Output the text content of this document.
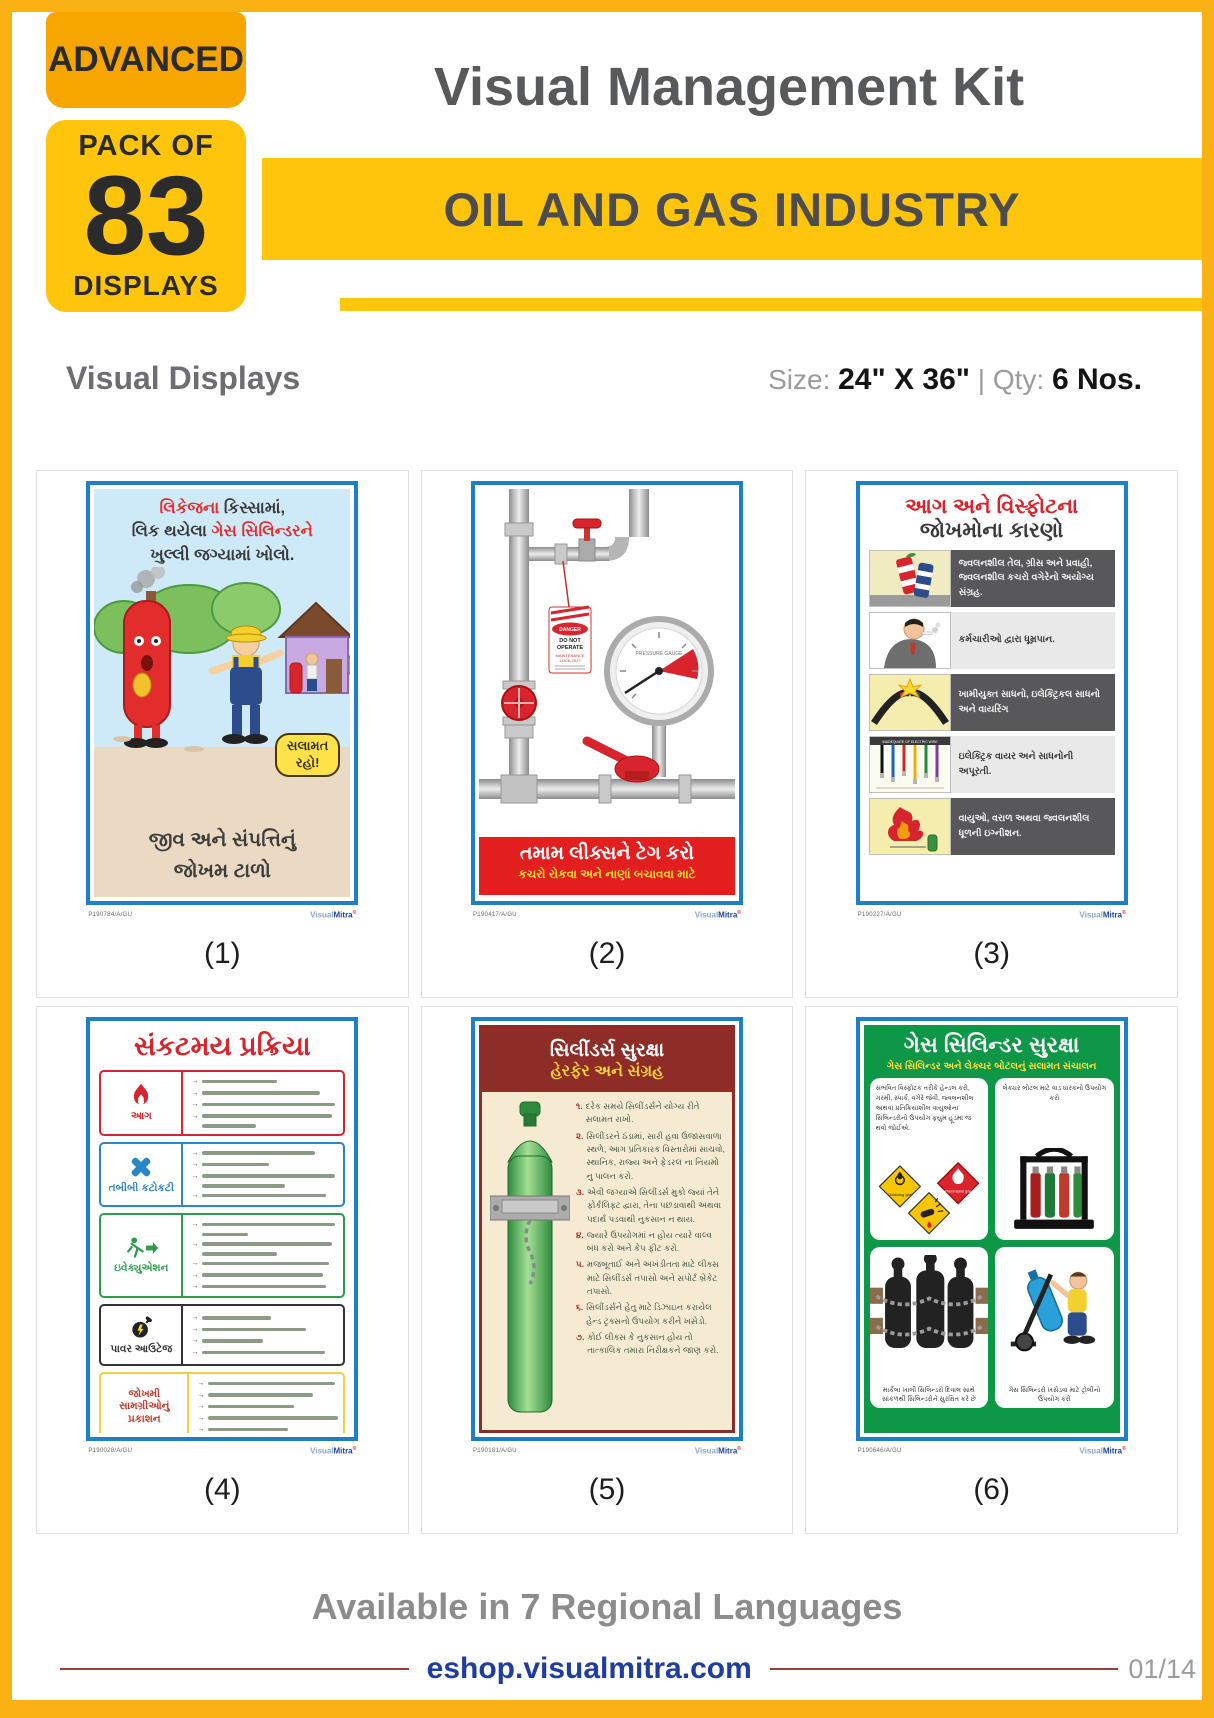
ADVANCED
PACK OF
83
DISPLAYS
Visual Management Kit
OIL AND GAS INDUSTRY
Visual Displays	Size: 24" X 36" | Qty: 6 Nos.
લિકેજના કિસ્સામાં,
લિક થયેલા ગેસ સિલિન્ડરને
ખુલ્લી જગ્યામાં ખોલો.
સલામત
રહો!
જીવ અને સંપત્તિનું
જોખમ ટાળો
P190784/A/GU	VisualMitra®
(1)
DANGER
DO NOT
OPERATE
MAINTENANCE
LOCK-OUT
PRESSURE GAUGE
તમામ લીક્સને ટેગ કરો
કચરો રોકવા અને નાણાં બચાવવા માટે
P190417/A/GU	VisualMitra®
(2)
આગ અને વિસ્ફોટના
જોખમોના કારણો
જ્વલનશીલ તેલ, ગ્રીસ અને પ્રવાહી, જ્વલનશીલ કચરો વગેરેનો અયોગ્ય સંગ્રહ.
કર્મચારીઓ દ્વારા ધૂમ્રપાન.
ખામીયુક્ત સાધનો, ઇલેક્ટ્રિકલ સાધનો અને વાયરિંગ
INADEQUATE OF ELECTRIC WIRE
ઇલેક્ટ્રિક વાયર અને સાધનોની અપૂરતી.
વાયુઓ, વરાળ અથવા જ્વલનશીલ ધૂળની ઇગ્નીશન.
P190227/A/GU	VisualMitra®
(3)
સંકટમય પ્રક્રિયા
આગ
→
→
→
→
તબીબી કટોકટી
→
→
→
→
ઇવેક્યુએશન
→
→
→
→
→
પાવર આઉટેજ
→
→
→
→
જોખમી સામગ્રીઓનું પ્રકાશન
→
→
→
→
→
P190028/A/GU	VisualMitra®
(4)
સિલીંડર્સ સુરક્ષા
હેરફેર અને સંગ્રહ
૧. દરેક સમયે સિલીંડર્સને યોગ્ય રીતે સલામત રાખો.
૨. સિલીંડરને ઠંડામાં, સારી હવા ઉજાસવાળા સ્થળે, આગ પ્રતિકારક વિસ્તારોમાં સાચવો, સ્થાનિક, રાજ્ય અને ફેડરલ ના નિયમો નુ પાલન કરો.
૩. એવી જગ્યાએ સિલીંડર્સ મુકો જ્યાં તેને ફોર્કલિફ્ટ દ્વારા, તેના પછડાવાથી અથવા પદાર્થ પડવાથી નુકસાન ન થાય.
૪. જ્યારે ઉપયોગમાં ન હોય ત્યારે વાલ્વ બંધ કરો અને કેપ ફીટ કરો.
૫. મજબૂતાઈ અને અખંડીતતા માટે લીક્સ માટે સિલીંડર્સ તપાસો અને સપોર્ટ બ્રેકેટ તપાસો.
૬. સિલીંડર્સને હેતુ માટે ડિઝાઇન કરાયેલ હેન્ડ ટ્રક્સનો ઉપયોગ કરીને ખસેડો.
૭. કોઈ લીક્સ કે નુકસાન હોય તો તાત્કાલિક તમારા નિરીક્ષકને જાણ કરો.
P190181/A/GU	VisualMitra®
(5)
ગેસ સિલિન્ડર સુરક્ષા
ગેસ સિલિન્ડર અને લેક્ચર બોટલનું સલામત સંચાલન
સંભવિત વિસ્ફોટક તરીકે હેન્ડલ કરો, ગરમી, સ્પાર્ક, વગેરે જેવી, જ્વલનશીલ અથવા પ્રતિક્રિયાશીલ વાયુઓના સિલિન્ડરોનો ઉપયોગ ફ્યુમ હૂડમાં જ થવો જોઈએ.
Oxidizing gas
Flammable gas
લેક્ચર બોટલ માટે વાડ ધારકનો ઉપયોગ કરો
માર્કેલા ખાલી સિલિન્ડરો દિવાલ સાથે સાંકળથી સિલિન્ડરોને સુરક્ષિત કરે છે
ગેસ સિલિન્ડરો ખસેડવા માટે ટ્રોલીનો ઉપયોગ કરો
P190646/A/GU	VisualMitra®
(6)
Available in 7 Regional Languages
eshop.visualmitra.com	01/14
